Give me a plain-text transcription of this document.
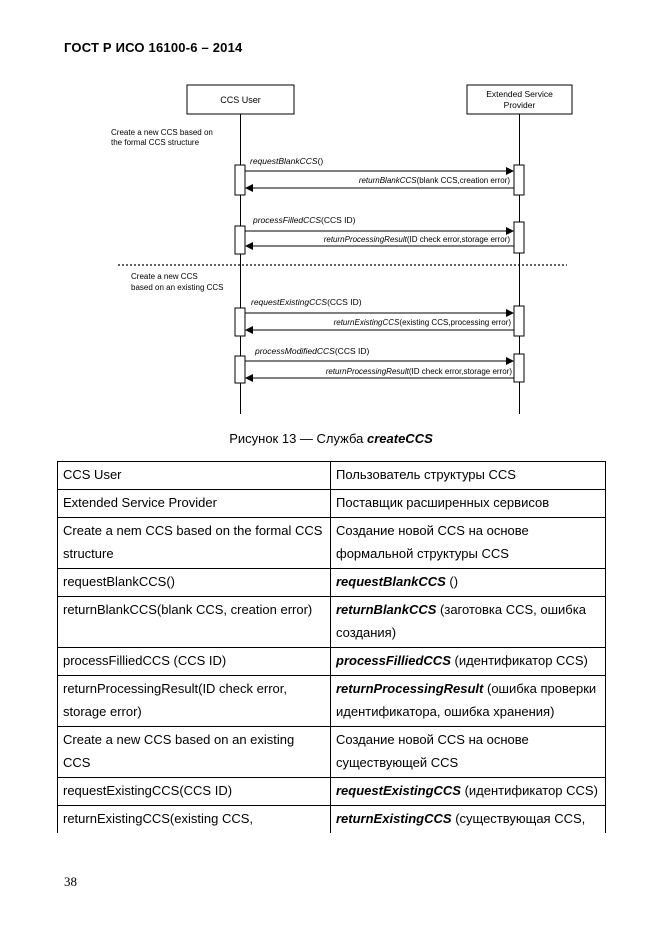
ГОСТ Р ИСО 16100-6 – 2014
CCS User
Extended Service
Provider
Create a new CCS based on
the formal CCS structure
Create a new CCS
based on an existing CCS
requestBlankCCS()
returnBlankCCS(blank CCS,creation error)
processFilledCCS(CCS ID)
returnProcessingResult(ID check error,storage error)
requestExistingCCS(CCS ID)
returnExistingCCS(existing CCS,processing error)
processModifiedCCS(CCS ID)
returnProcessingResult(ID check error,storage error)
Рисунок 13 — Служба createCCS
CCS User	Пользователь структуры CCS
Extended Service Provider	Поставщик расширенных сервисов
Create a nem CCS based on the formal CCS structure	Создание новой CCS на основе формальной структуры CCS
requestBlankCCS()	requestBlankCCS ()
returnBlankCCS(blank CCS, creation error)	returnBlankCCS (заготовка CCS, ошибка создания)
processFilliedCCS (CCS ID)	processFilliedCCS (идентификатор CCS)
returnProcessingResult(ID check error, storage error)	returnProcessingResult (ошибка проверки идентификатора, ошибка хранения)
Create a new CCS based on an existing CCS	Создание новой CCS на основе существующей CCS
requestExistingCCS(CCS ID)	requestExistingCCS (идентификатор CCS)
returnExistingCCS(existing CCS,	returnExistingCCS (существующая CCS,
38
